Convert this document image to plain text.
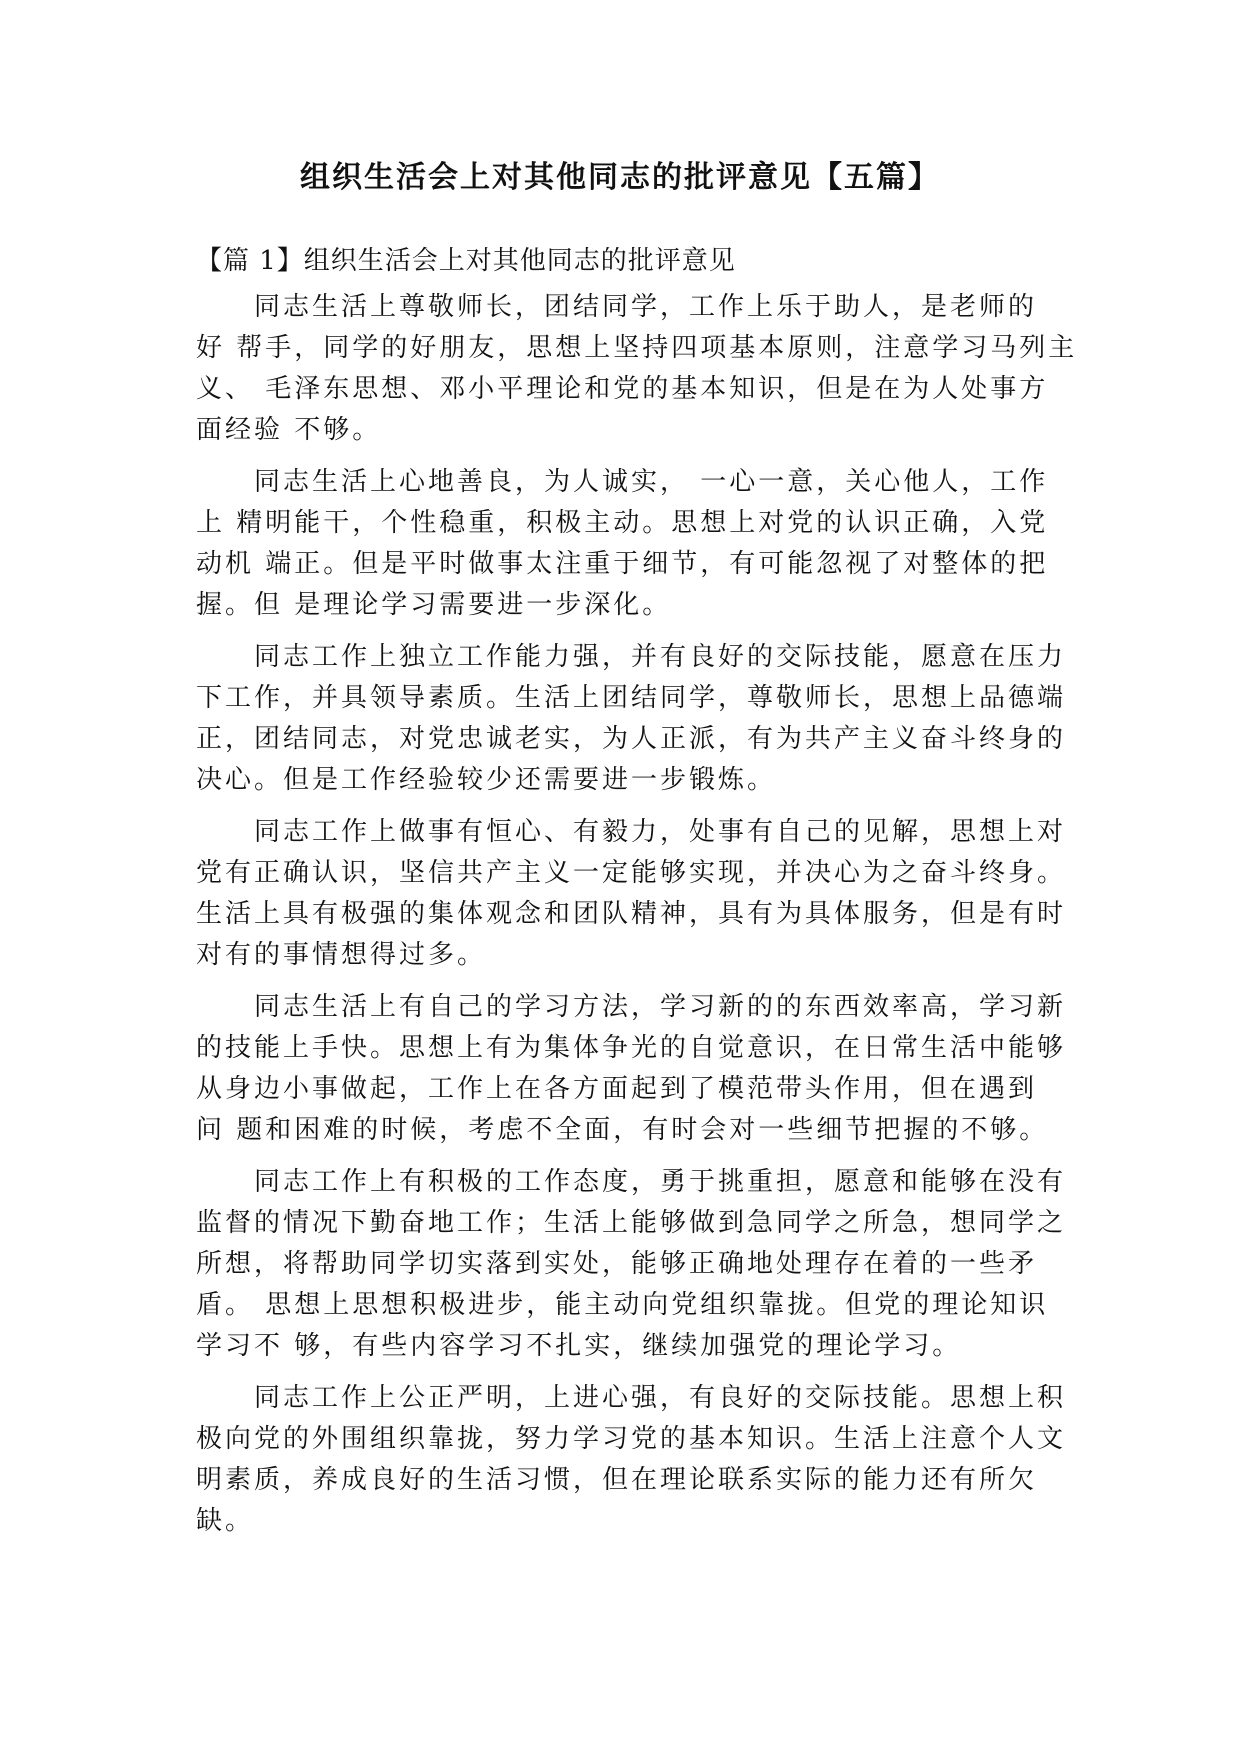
组织生活会上对其他同志的批评意见【五篇】
【篇 1】组织生活会上对其他同志的批评意见
同志生活上尊敬师长，团结同学，工作上乐于助人，是老师的
好 帮手，同学的好朋友，思想上坚持四项基本原则，注意学习马列主
义、 毛泽东思想、邓小平理论和党的基本知识，但是在为人处事方
面经验 不够。
同志生活上心地善良，为人诚实， 一心一意，关心他人，工作
上 精明能干，个性稳重，积极主动。思想上对党的认识正确，入党
动机 端正。但是平时做事太注重于细节，有可能忽视了对整体的把
握。但 是理论学习需要进一步深化。
同志工作上独立工作能力强，并有良好的交际技能，愿意在压力
下工作，并具领导素质。生活上团结同学，尊敬师长，思想上品德端
正，团结同志，对党忠诚老实，为人正派，有为共产主义奋斗终身的
决心。但是工作经验较少还需要进一步锻炼。
同志工作上做事有恒心、有毅力，处事有自己的见解，思想上对
党有正确认识，坚信共产主义一定能够实现，并决心为之奋斗终身。
生活上具有极强的集体观念和团队精神，具有为具体服务，但是有时
对有的事情想得过多。
同志生活上有自己的学习方法，学习新的的东西效率高，学习新
的技能上手快。思想上有为集体争光的自觉意识，在日常生活中能够
从身边小事做起，工作上在各方面起到了模范带头作用，但在遇到
问 题和困难的时候，考虑不全面，有时会对一些细节把握的不够。
同志工作上有积极的工作态度，勇于挑重担，愿意和能够在没有
监督的情况下勤奋地工作；生活上能够做到急同学之所急，想同学之
所想，将帮助同学切实落到实处，能够正确地处理存在着的一些矛
盾。 思想上思想积极进步，能主动向党组织靠拢。但党的理论知识
学习不 够，有些内容学习不扎实，继续加强党的理论学习。
同志工作上公正严明，上进心强，有良好的交际技能。思想上积
极向党的外围组织靠拢，努力学习党的基本知识。生活上注意个人文
明素质，养成良好的生活习惯，但在理论联系实际的能力还有所欠
缺。
